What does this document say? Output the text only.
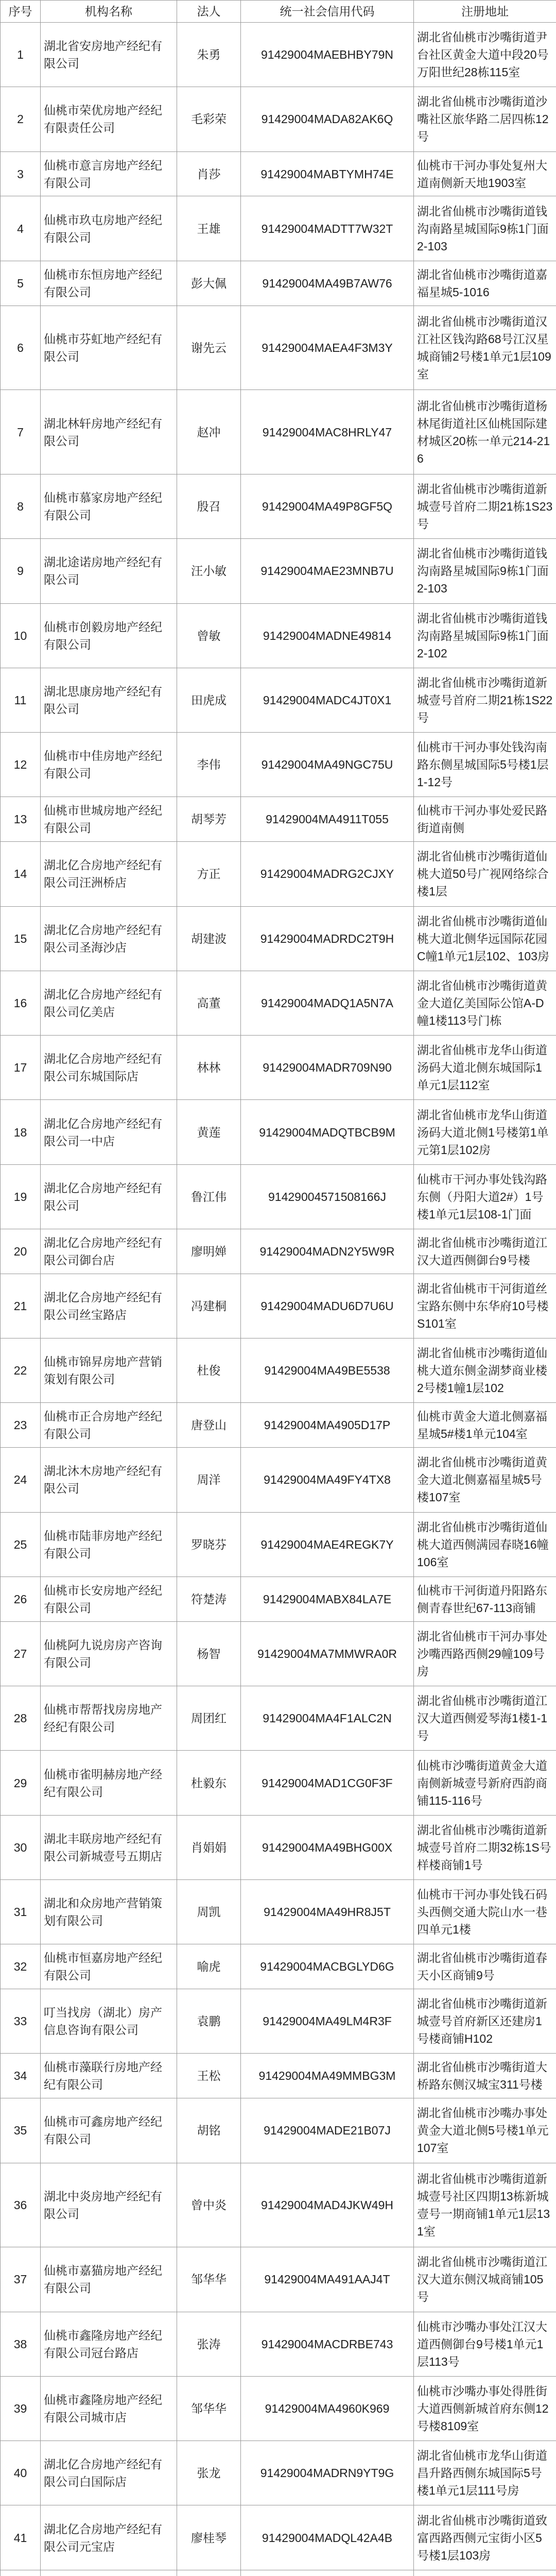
序号	机构名称	法人	统一社会信用代码	注册地址
1	湖北省安房地产经纪有限公司	朱勇	91429004MAEBHBY79N	湖北省仙桃市沙嘴街道尹台社区黄金大道中段20号万阳世纪28栋115室
2	仙桃市荣优房地产经纪有限责任公司	毛彩荣	91429004MADA82AK6Q	湖北省仙桃市沙嘴街道沙嘴社区旅华路二居四栋12号
3	仙桃市意言房地产经纪有限公司	肖莎	91429004MABTYMH74E	仙桃市干河办事处复州大道南侧新天地1903室
4	仙桃市玖屯房地产经纪有限公司	王雄	91429004MADTT7W32T	湖北省仙桃市沙嘴街道钱沟南路星城国际9栋1门面2-103
5	仙桃市东恒房地产经纪有限公司	彭大佩	91429004MA49B7AW76	湖北省仙桃市沙嘴街道嘉福星城5-1016
6	仙桃市芬虹地产经纪有限公司	谢先云	91429004MAEA4F3M3Y	湖北省仙桃市沙嘴街道汉江社区钱沟路68号江汉星城商铺2号楼1单元1层109室
7	湖北林轩房地产经纪有限公司	赵冲	91429004MAC8HRLY47	湖北省仙桃市沙嘴街道杨林尾街道社区仙桃国际建材城区20栋一单元214-216
8	仙桃市慕家房地产经纪有限公司	殷召	91429004MA49P8GF5Q	湖北省仙桃市沙嘴街道新城壹号首府二期21栋1S23号
9	湖北途诺房地产经纪有限公司	汪小敏	91429004MAE23MNB7U	湖北省仙桃市沙嘴街道钱沟南路星城国际9栋1门面2-103
10	仙桃市创毅房地产经纪有限公司	曾敏	91429004MADNE49814	湖北省仙桃市沙嘴街道钱沟南路星城国际9栋1门面2-102
11	湖北思康房地产经纪有限公司	田虎成	91429004MADC4JT0X1	湖北省仙桃市沙嘴街道新城壹号首府二期21栋1S22号
12	仙桃市中佳房地产经纪有限公司	李伟	91429004MA49NGC75U	仙桃市干河办事处钱沟南路东侧星城国际5号楼1层1-12号
13	仙桃市世城房地产经纪有限公司	胡琴芳	91429004MA4911T055	仙桃市干河办事处爱民路街道南侧
14	湖北亿合房地产经纪有限公司汪洲桥店	方正	91429004MADRG2CJXY	湖北省仙桃市沙嘴街道仙桃大道50号广视网络综合楼1层
15	湖北亿合房地产经纪有限公司圣海沙店	胡建波	91429004MADRDC2T9H	湖北省仙桃市沙嘴街道仙桃大道北侧华远国际花园C幢1单元1层102、103房
16	湖北亿合房地产经纪有限公司亿美店	高董	91429004MADQ1A5N7A	湖北省仙桃市沙嘴街道黄金大道亿美国际公馆A-D幢1楼113号门栋
17	湖北亿合房地产经纪有限公司东城国际店	林林	91429004MADR709N90	湖北省仙桃市龙华山街道汤码大道北侧东城国际1单元1层112室
18	湖北亿合房地产经纪有限公司一中店	黄莲	91429004MADQTBCB9M	湖北省仙桃市龙华山街道汤码大道北侧1号楼第1单元第1层102房
19	湖北亿合房地产经纪有限公司	鲁江伟	91429004571508166J	仙桃市干河办事处钱沟路东侧（丹阳大道2#）1号楼1单元1层108-1门面
20	湖北亿合房地产经纪有限公司御台店	廖明婵	91429004MADN2Y5W9R	湖北省仙桃市沙嘴街道江汉大道西侧御台9号楼
21	湖北亿合房地产经纪有限公司丝宝路店	冯建桐	91429004MADU6D7U6U	湖北省仙桃市干河街道丝宝路东侧中东华府10号楼S101室
22	仙桃市锦昇房地产营销策划有限公司	杜俊	91429004MA49BE5538	湖北省仙桃市沙嘴街道仙桃大道东侧金湖梦商业楼2号楼1幢1层102
23	仙桃市正合房地产经纪有限公司	唐登山	91429004MA4905D17P	仙桃市黄金大道北侧嘉福星城5#楼1单元104室
24	湖北沐木房地产经纪有限公司	周洋	91429004MA49FY4TX8	湖北省仙桃市沙嘴街道黄金大道北侧嘉福星城5号楼107室
25	仙桃市陆菲房地产经纪有限公司	罗晓芬	91429004MAE4REGK7Y	湖北省仙桃市沙嘴街道仙桃大道西侧满园春晓16幢106室
26	仙桃市长安房地产经纪有限公司	符楚涛	91429004MABX84LA7E	仙桃市干河街道丹阳路东侧青春世纪67-113商铺
27	仙桃阿九说房房产咨询有限公司	杨智	91429004MA7MMWRA0R	湖北省仙桃市干河办事处沙嘴西路西侧29幢109号房
28	仙桃市帮帮找房房地产经纪有限公司	周团红	91429004MA4F1ALC2N	湖北省仙桃市沙嘴街道江汉大道西侧爱琴海1楼1-1号
29	仙桃市雀明赫房地产经纪有限公司	杜毅东	91429004MAD1CG0F3F	仙桃市沙嘴街道黄金大道南侧新城壹号新府西韵商铺115-116号
30	湖北丰联房地产经纪有限公司新城壹号五期店	肖娟娟	91429004MA49BHG00X	湖北省仙桃市沙嘴街道新城壹号首府二期32栋1S号样楼商铺1号
31	湖北和众房地产营销策划有限公司	周凯	91429004MA49HR8J5T	仙桃市干河办事处钱石码头西侧交通大院山水一巷四单元1楼
32	仙桃市恒嘉房地产经纪有限公司	喻虎	91429004MACBGLYD6G	湖北省仙桃市沙嘴街道春天小区商铺9号
33	叮当找房（湖北）房产信息咨询有限公司	袁鹏	91429004MA49LM4R3F	湖北省仙桃市沙嘴街道新城壹号首府新区还建房1号楼商铺H102
34	仙桃市藻联行房地产经纪有限公司	王松	91429004MA49MMBG3M	湖北省仙桃市沙嘴街道大桥路东侧汉城宝311号楼
35	仙桃市可鑫房地产经纪有限公司	胡铭	91429004MADE21B07J	湖北省仙桃市沙嘴办事处黄金大道北侧5号楼1单元107室
36	湖北中炎房地产经纪有限公司	曾中炎	91429004MAD4JKW49H	湖北省仙桃市沙嘴街道新城壹号社区四期13栋新城壹号一期商铺1单元1层131室
37	仙桃市嘉猫房地产经纪有限公司	邹华华	91429004MA491AAJ4T	湖北省仙桃市沙嘴街道江汉大道东侧汉城商铺105号
38	仙桃市鑫隆房地产经纪有限公司冠台路店	张涛	91429004MACDRBE743	仙桃市沙嘴办事处江汉大道西侧御台9号楼1单元1层113号
39	仙桃市鑫隆房地产经纪有限公司城市店	邹华华	91429004MA4960K969	仙桃市沙嘴办事处得胜街大道西侧新城首府东侧12号楼8109室
40	湖北亿合房地产经纪有限公司白国际店	张龙	91429004MADRN9YT9G	湖北省仙桃市龙华山街道昌升路西侧东城国际5号楼1单元1层111号房
41	湖北亿合房地产经纪有限公司元宝店	廖桂琴	91429004MADQL42A4B	湖北省仙桃市沙嘴街道致富西路西侧元宝街小区5号楼1层103房
